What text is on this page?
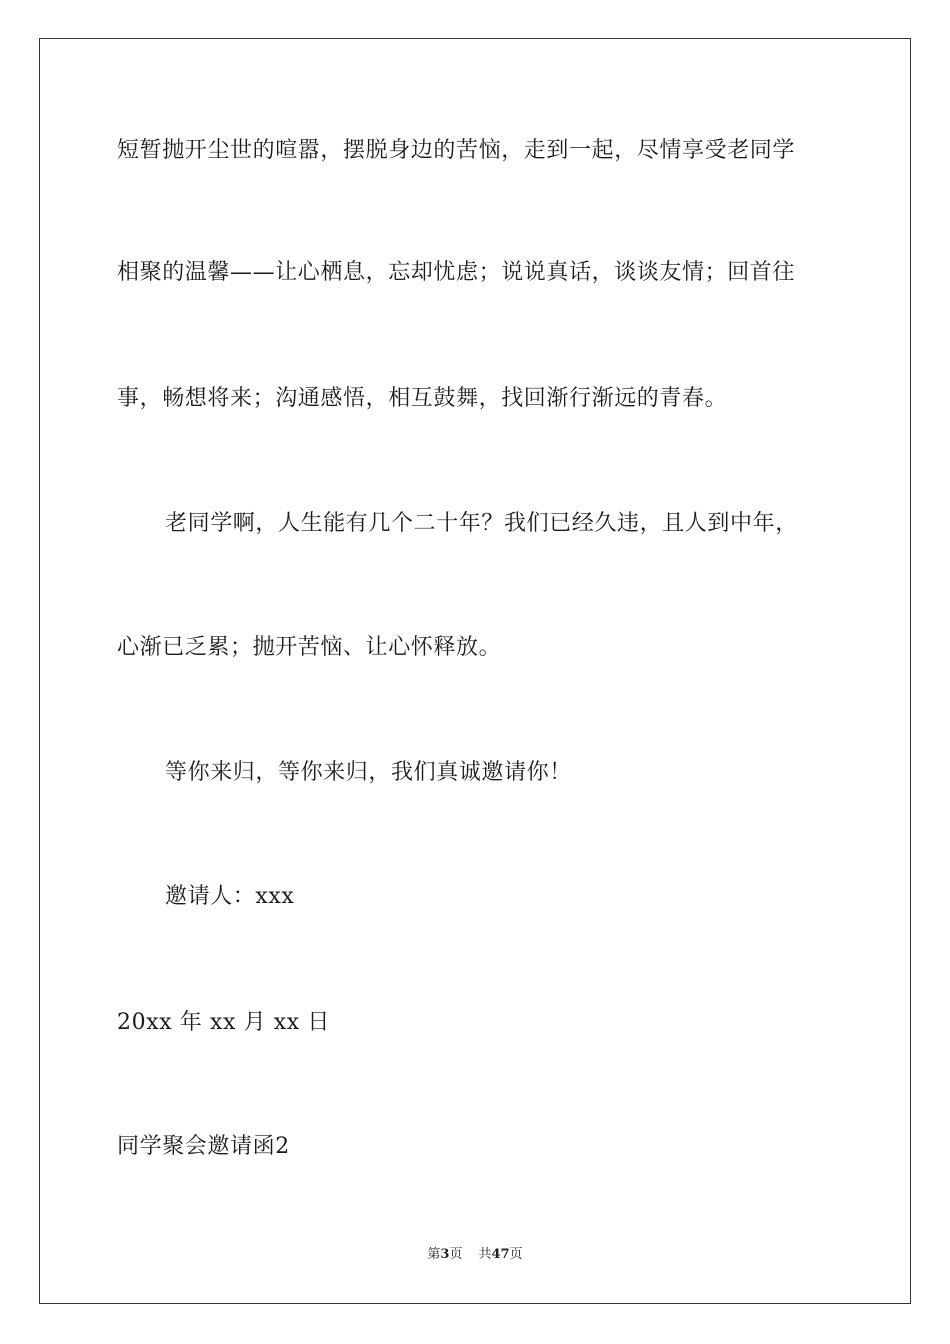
短暂抛开尘世的喧嚣，摆脱身边的苦恼，走到一起，尽情享受老同学
相聚的温馨——让心栖息，忘却忧虑；说说真话，谈谈友情；回首往
事，畅想将来；沟通感悟，相互鼓舞，找回渐行渐远的青春。
老同学啊，人生能有几个二十年？我们已经久违，且人到中年，
心渐已乏累；抛开苦恼、让心怀释放。
等你来归，等你来归，我们真诚邀请你！
邀请人：xxx
20xx 年 xx 月 xx 日
同学聚会邀请函2
第3页 共47页
